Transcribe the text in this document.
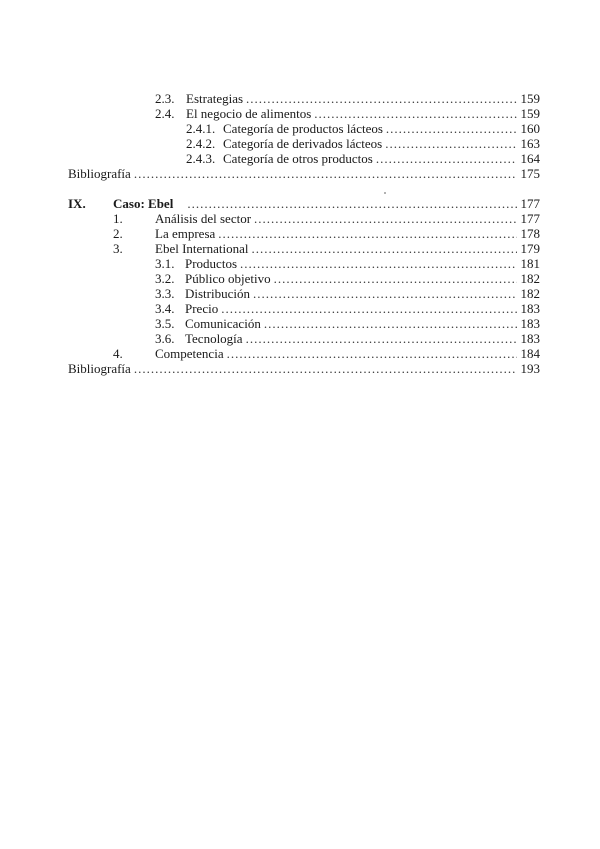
2.3. Estrategias .....	159
2.4. El negocio de alimentos .....	159
2.4.1. Categoría de productos lácteos .....	160
2.4.2. Categoría de derivados lácteos .....	163
2.4.3. Categoría de otros productos .....	164
Bibliografía .....	175
IX.	Caso: Ebel .....	177
1.	Análisis del sector .....	177
2.	La empresa .....	178
3.	Ebel International .....	179
3.1. Productos .....	181
3.2. Público objetivo .....	182
3.3. Distribución .....	182
3.4. Precio .....	183
3.5. Comunicación .....	183
3.6. Tecnología .....	183
4.	Competencia .....	184
Bibliografía .....	193
